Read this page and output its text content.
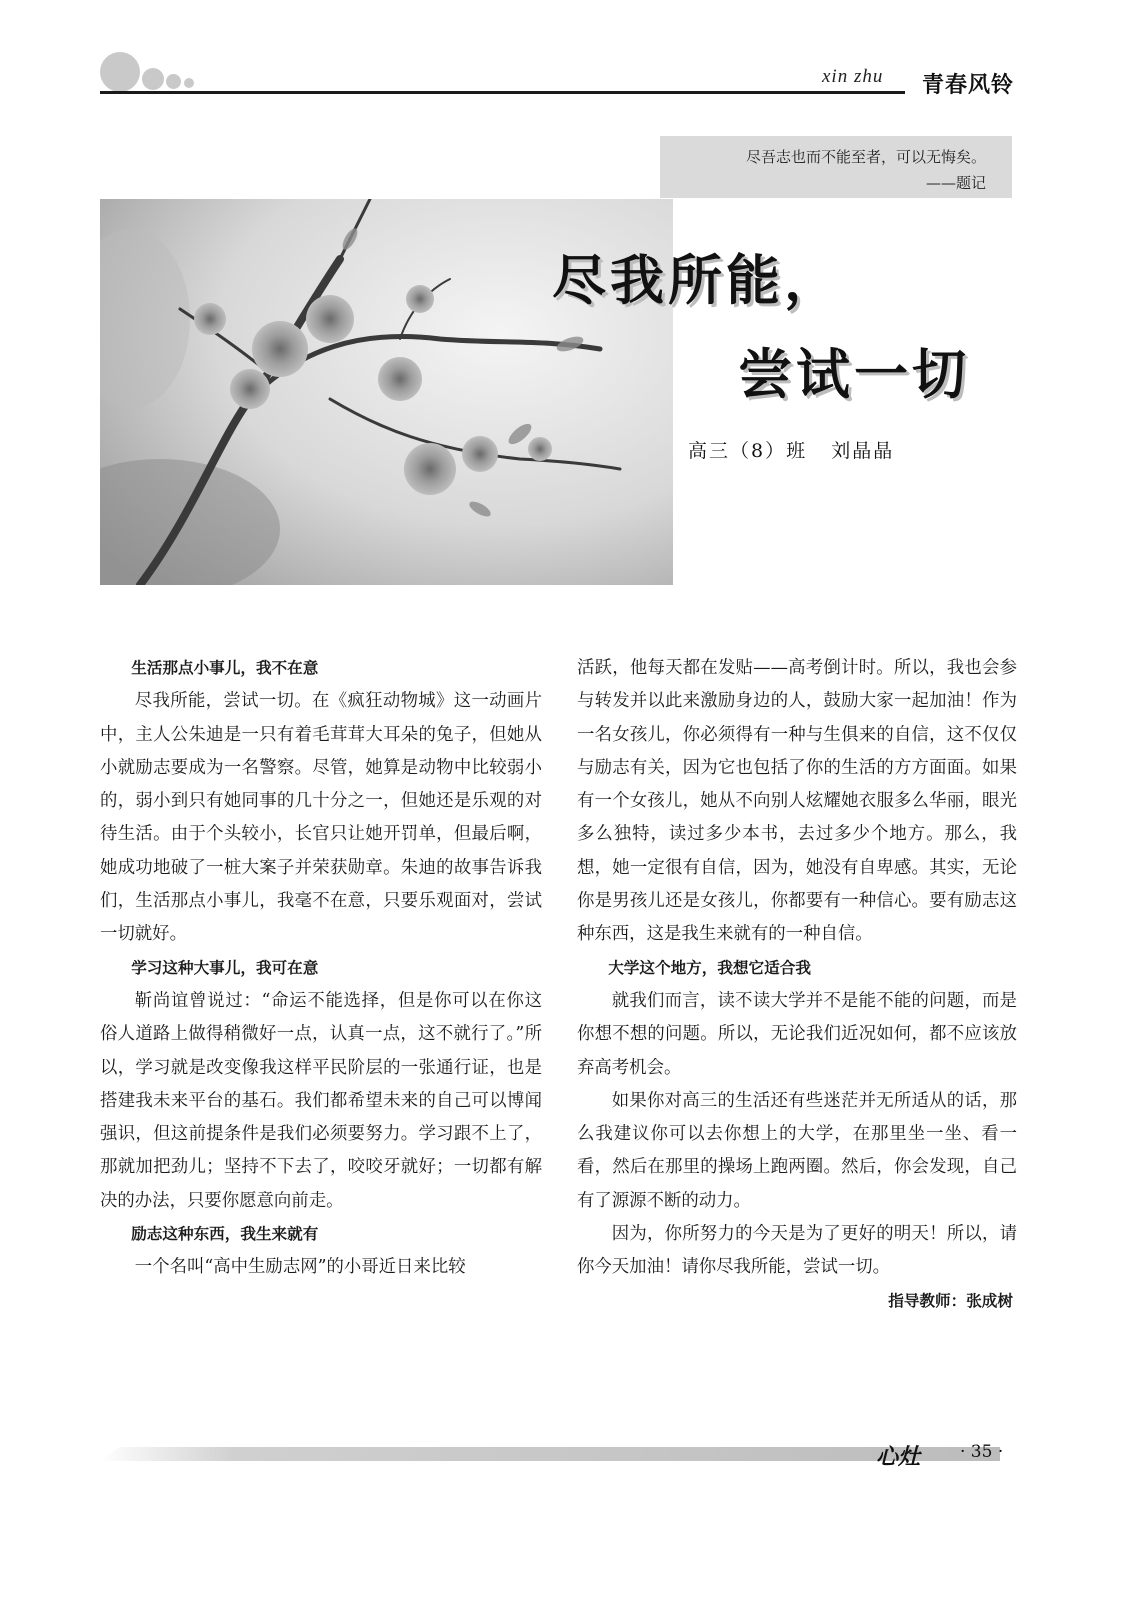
xin zhu 青春风铃
尽吾志也而不能至者，可以无悔矣。
——题记
尽我所能，
尝试一切
高三（8）班   刘晶晶
生活那点小事儿，我不在意

尽我所能，尝试一切。在《疯狂动物城》这一动画片中，主人公朱迪是一只有着毛茸茸大耳朵的兔子，但她从小就励志要成为一名警察。尽管，她算是动物中比较弱小的，弱小到只有她同事的几十分之一，但她还是乐观的对待生活。由于个头较小，长官只让她开罚单，但最后啊，她成功地破了一桩大案子并荣获勋章。朱迪的故事告诉我们，生活那点小事儿，我毫不在意，只要乐观面对，尝试一切就好。

学习这种大事儿，我可在意

靳尚谊曾说过：“命运不能选择，但是你可以在你这俗人道路上做得稍微好一点，认真一点，这不就行了。”所以，学习就是改变像我这样平民阶层的一张通行证，也是搭建我未来平台的基石。我们都希望未来的自己可以博闻强识，但这前提条件是我们必须要努力。学习跟不上了，那就加把劲儿；坚持不下去了，咬咬牙就好；一切都有解决的办法，只要你愿意向前走。

励志这种东西，我生来就有

一个名叫“高中生励志网”的小哥近日来比较

活跃，他每天都在发贴——高考倒计时。所以，我也会参与转发并以此来激励身边的人，鼓励大家一起加油！作为一名女孩儿，你必须得有一种与生俱来的自信，这不仅仅与励志有关，因为它也包括了你的生活的方方面面。如果有一个女孩儿，她从不向别人炫耀她衣服多么华丽，眼光多么独特，读过多少本书，去过多少个地方。那么，我想，她一定很有自信，因为，她没有自卑感。其实，无论你是男孩儿还是女孩儿，你都要有一种信心。要有励志这种东西，这是我生来就有的一种自信。

大学这个地方，我想它适合我

就我们而言，读不读大学并不是能不能的问题，而是你想不想的问题。所以，无论我们近况如何，都不应该放弃高考机会。

如果你对高三的生活还有些迷茫并无所适从的话，那么我建议你可以去你想上的大学，在那里坐一坐、看一看，然后在那里的操场上跑两圈。然后，你会发现，自己有了源源不断的动力。

因为，你所努力的今天是为了更好的明天！所以，请你今天加油！请你尽我所能，尝试一切。

指导教师：张成树
心灶 · 35 ·
